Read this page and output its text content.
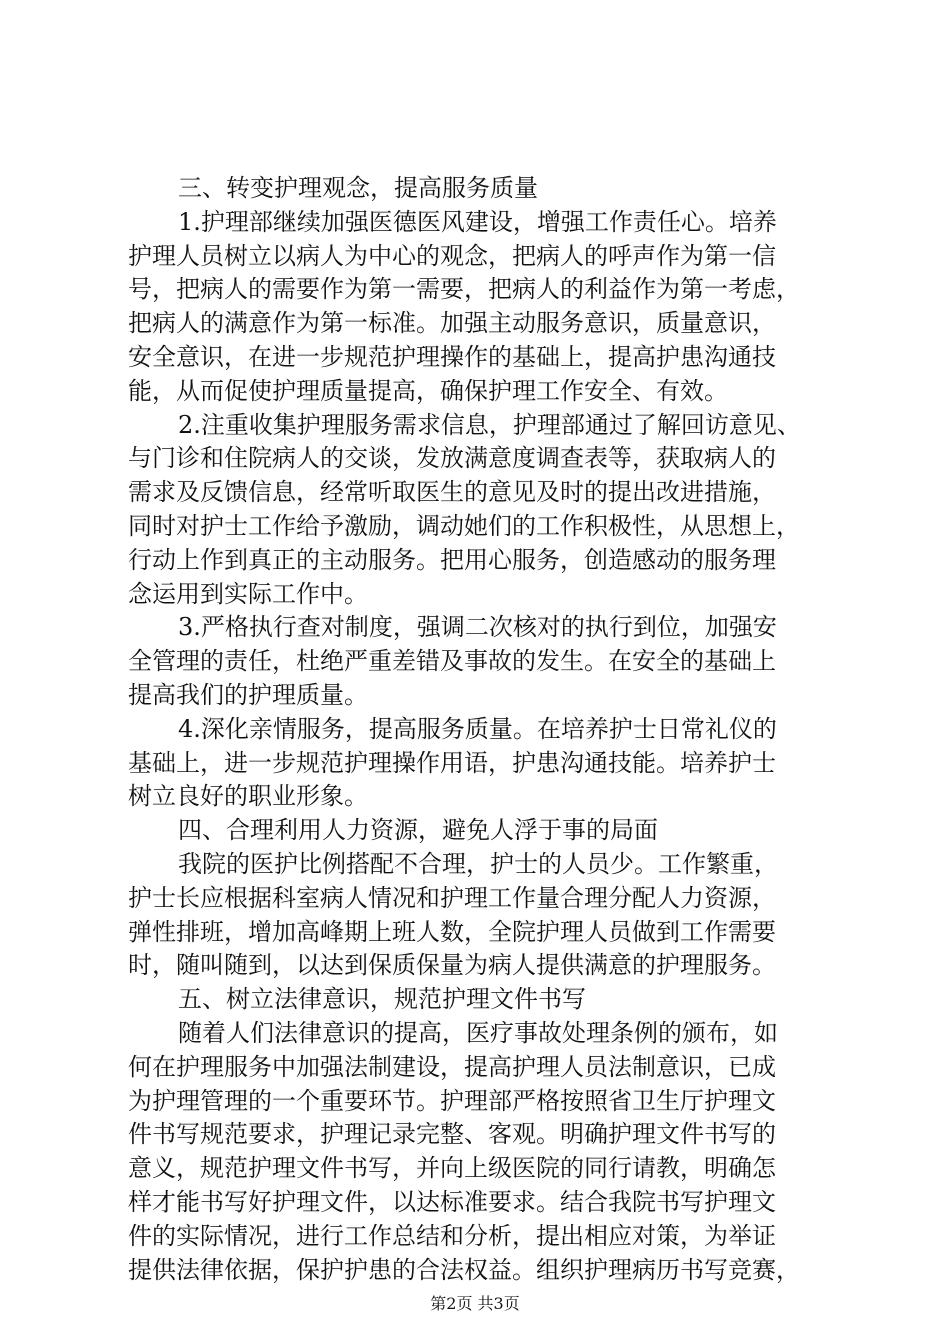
三、转变护理观念，提高服务质量
1.护理部继续加强医德医风建设，增强工作责任心。培养
护理人员树立以病人为中心的观念，把病人的呼声作为第一信
号，把病人的需要作为第一需要，把病人的利益作为第一考虑，
把病人的满意作为第一标准。加强主动服务意识，质量意识，
安全意识，在进一步规范护理操作的基础上，提高护患沟通技
能，从而促使护理质量提高，确保护理工作安全、有效。
2.注重收集护理服务需求信息，护理部通过了解回访意见、
与门诊和住院病人的交谈，发放满意度调查表等，获取病人的
需求及反馈信息，经常听取医生的意见及时的提出改进措施，
同时对护士工作给予激励，调动她们的工作积极性，从思想上，
行动上作到真正的主动服务。把用心服务，创造感动的服务理
念运用到实际工作中。
3.严格执行查对制度，强调二次核对的执行到位，加强安
全管理的责任，杜绝严重差错及事故的发生。在安全的基础上
提高我们的护理质量。
4.深化亲情服务，提高服务质量。在培养护士日常礼仪的
基础上，进一步规范护理操作用语，护患沟通技能。培养护士
树立良好的职业形象。
四、合理利用人力资源，避免人浮于事的局面
我院的医护比例搭配不合理，护士的人员少。工作繁重，
护士长应根据科室病人情况和护理工作量合理分配人力资源，
弹性排班，增加高峰期上班人数，全院护理人员做到工作需要
时，随叫随到，以达到保质保量为病人提供满意的护理服务。
五、树立法律意识，规范护理文件书写
随着人们法律意识的提高，医疗事故处理条例的颁布，如
何在护理服务中加强法制建设，提高护理人员法制意识，已成
为护理管理的一个重要环节。护理部严格按照省卫生厅护理文
件书写规范要求，护理记录完整、客观。明确护理文件书写的
意义，规范护理文件书写，并向上级医院的同行请教，明确怎
样才能书写好护理文件，以达标准要求。结合我院书写护理文
件的实际情况，进行工作总结和分析，提出相应对策，为举证
提供法律依据，保护护患的合法权益。组织护理病历书写竞赛，
第2页 共3页
